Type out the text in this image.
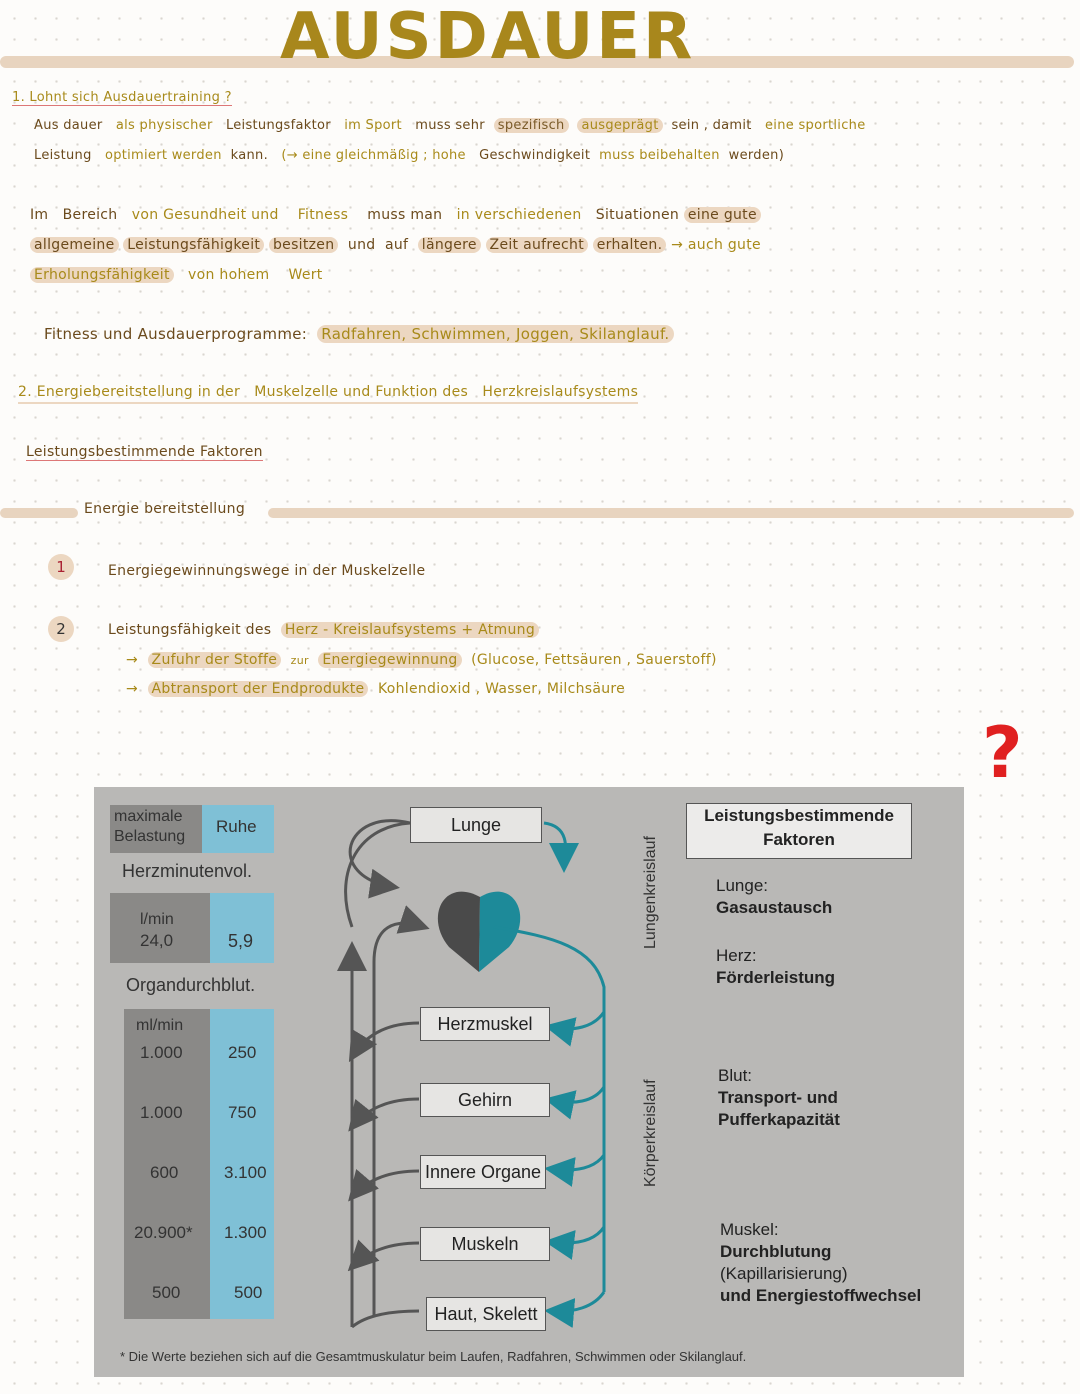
AUSDAUER
1. Lohnt sich Ausdauertraining ?
Aus dauer als physischer Leistungsfaktor im Sport muss sehr spezifisch ausgeprägt sein , damit eine sportliche
Leistung optimiert werden kann. (→ eine gleichmäßig ; hohe Geschwindigkeit muss beibehalten werden)
Im Bereich von Gesundheit und Fitness muss man in verschiedenen Situationen eine gute
allgemeine Leistungsfähigkeit besitzen und auf längere Zeit aufrecht erhalten. → auch gute
Erholungsfähigkeit von hohem Wert
Fitness und Ausdauerprogramme: Radfahren, Schwimmen, Joggen, Skilanglauf.
2. Energiebereitstellung in der Muskelzelle und Funktion des Herzkreislaufsystems
Leistungsbestimmende Faktoren
Energie bereitstellung
1	Energiegewinnungswege in der Muskelzelle
2	Leistungsfähigkeit des Herz - Kreislaufsystems + Atmung
→ Zufuhr der Stoffe zur Energiegewinnung (Glucose, Fettsäuren , Sauerstoff)
→ Abtransport der Endprodukte Kohlendioxid , Wasser, Milchsäure
?
maximale Belastung
Ruhe
Herzminutenvol.
l/min
24,0	5,9
Organdurchblut.
ml/min
1.000	250
1.000	750
600	3.100
20.900* 1.300
500	500
Lunge
Herzmuskel
Gehirn
Innere Organe
Muskeln
Haut, Skelett
Lungenkreislauf
Körperkreislauf
Leistungsbestimmende Faktoren
Lunge:
Gasaustausch
Herz:
Förderleistung
Blut:
Transport- und
Pufferkapazität
Muskel:
Durchblutung
(Kapillarisierung)
und Energiestoffwechsel
* Die Werte beziehen sich auf die Gesamtmuskulatur beim Laufen, Radfahren, Schwimmen oder Skilanglauf.
